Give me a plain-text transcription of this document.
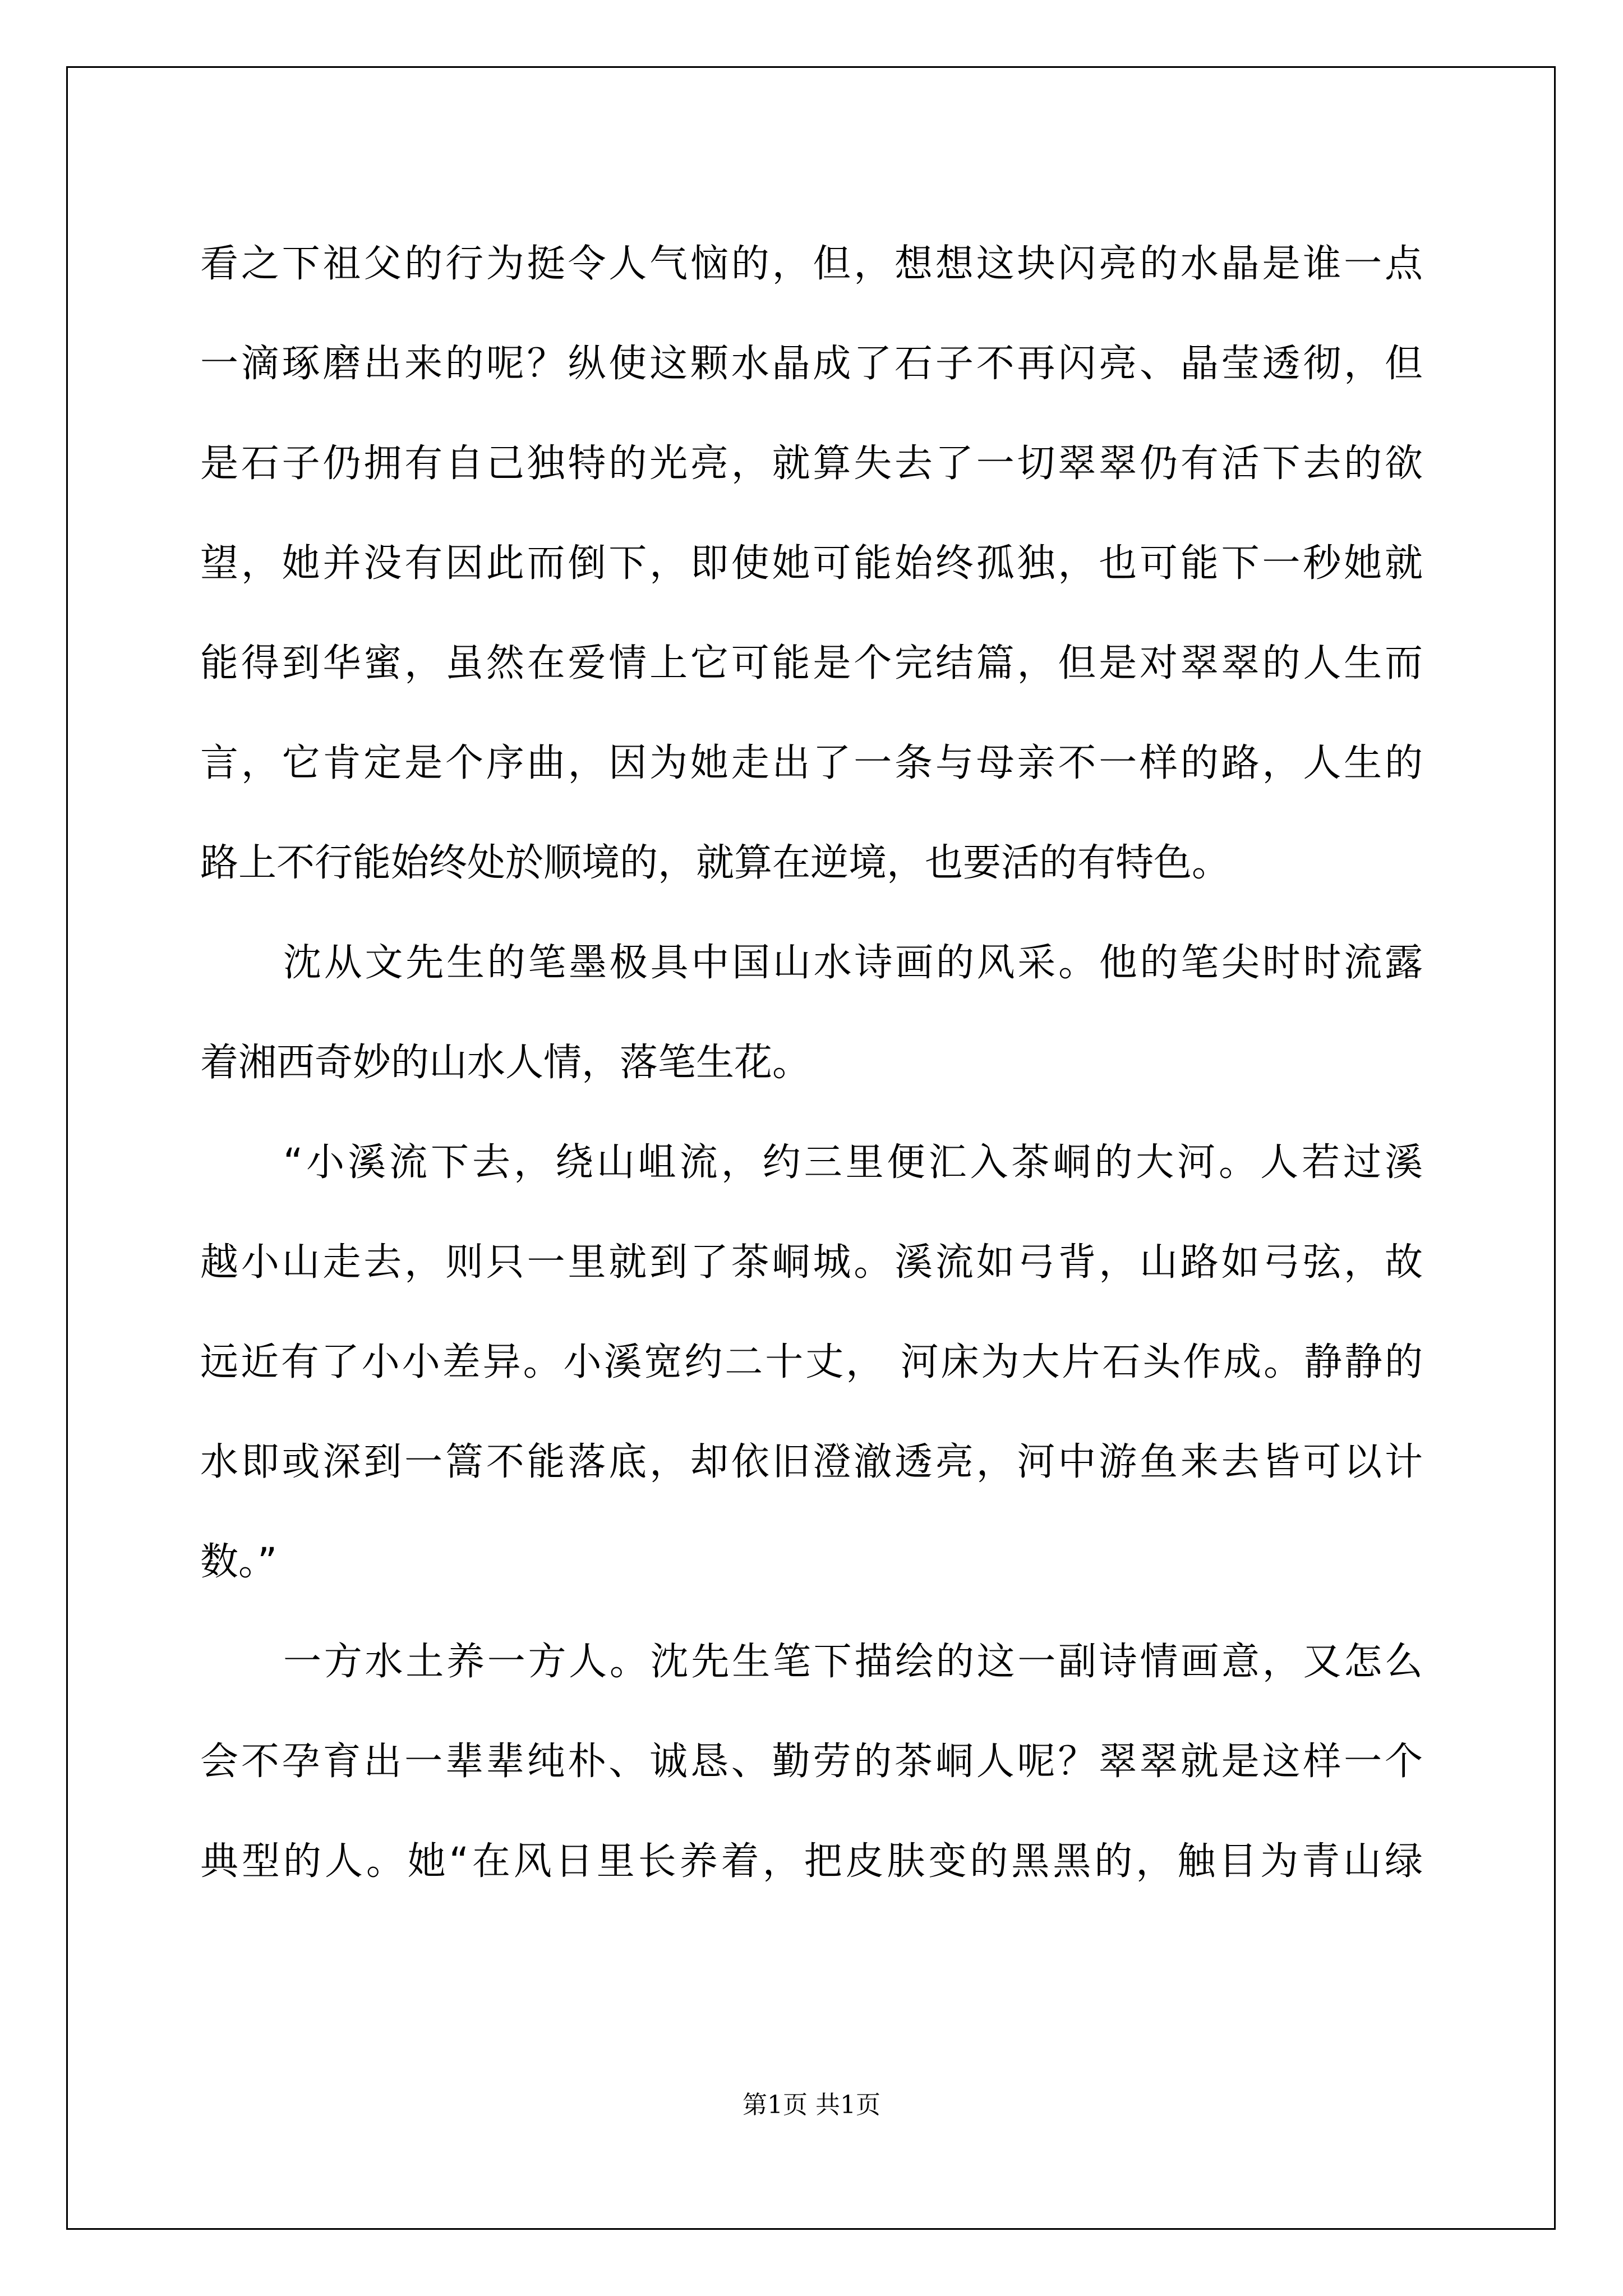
看之下祖父的行为挺令人气恼的，但，想想这块闪亮的水晶是谁一点
一滴琢磨出来的呢？纵使这颗水晶成了石子不再闪亮、晶莹透彻，但
是石子仍拥有自己独特的光亮，就算失去了一切翠翠仍有活下去的欲
望，她并没有因此而倒下，即使她可能始终孤独，也可能下一秒她就
能得到华蜜，虽然在爱情上它可能是个完结篇，但是对翠翠的人生而
言，它肯定是个序曲，因为她走出了一条与母亲不一样的路，人生的
路上不行能始终处於顺境的，就算在逆境，也要活的有特色。
沈从文先生的笔墨极具中国山水诗画的风采。他的笔尖时时流露
着湘西奇妙的山水人情，落笔生花。
“小溪流下去，绕山岨流，约三里便汇入茶峒的大河。人若过溪
越小山走去，则只一里就到了茶峒城。溪流如弓背，山路如弓弦，故
远近有了小小差异。小溪宽约二十丈， 河床为大片石头作成。静静的
水即或深到一篙不能落底，却依旧澄澈透亮，河中游鱼来去皆可以计
数。”
一方水土养一方人。沈先生笔下描绘的这一副诗情画意，又怎么
会不孕育出一辈辈纯朴、诚恳、勤劳的茶峒人呢？翠翠就是这样一个
典型的人。她“在风日里长养着，把皮肤变的黑黑的，触目为青山绿
第1页 共1页
